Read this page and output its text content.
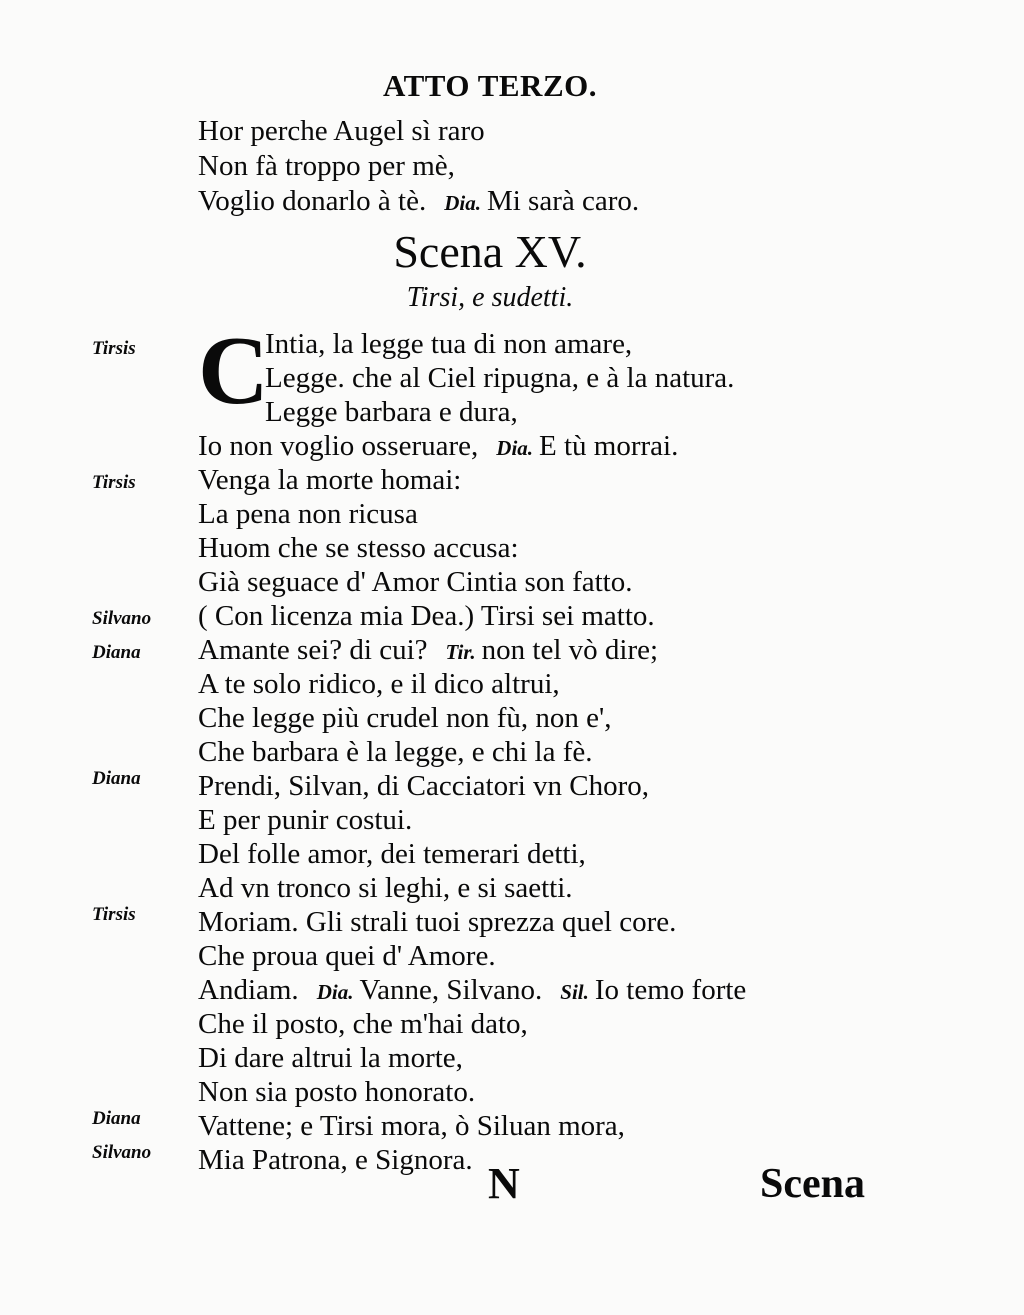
ATTO TERZO.
Hor perche Augel sì raro
Non fà troppo per mè,
Voglio donarlo à tè. Dia. Mi sarà caro.
Scena XV.
Tirsi, e sudetti.
Tirsis C
Intia, la legge tua di non amare,
Legge. che al Ciel ripugna, e à la natura.
Legge barbara e dura,
Io non voglio osseruare, Dia. E tù morrai.
Tirsis Venga la morte homai:
La pena non ricusa
Huom che se stesso accusa:
Già seguace d' Amor Cintia son fatto.
Silvano ( Con licenza mia Dea.) Tirsi sei matto.
Diana Amante sei? di cui? Tir. non tel vò dire;
A te solo ridico, e il dico altrui,
Che legge più crudel non fù, non e',
Che barbara è la legge, e chi la fè.
Diana Prendi, Silvan, di Cacciatori vn Choro,
E per punir costui.
Del folle amor, dei temerari detti,
Ad vn tronco si leghi, e si saetti.
Tirsis Moriam. Gli strali tuoi sprezza quel core.
Che proua quei d' Amore.
Andiam. Dia. Vanne, Silvano. Sil. Io temo forte
Che il posto, che m'hai dato,
Di dare altrui la morte,
Non sia posto honorato.
Diana Vattene; e Tirsi mora, ò Siluan mora,
Silvano Mia Patrona, e Signora. N	Scena
